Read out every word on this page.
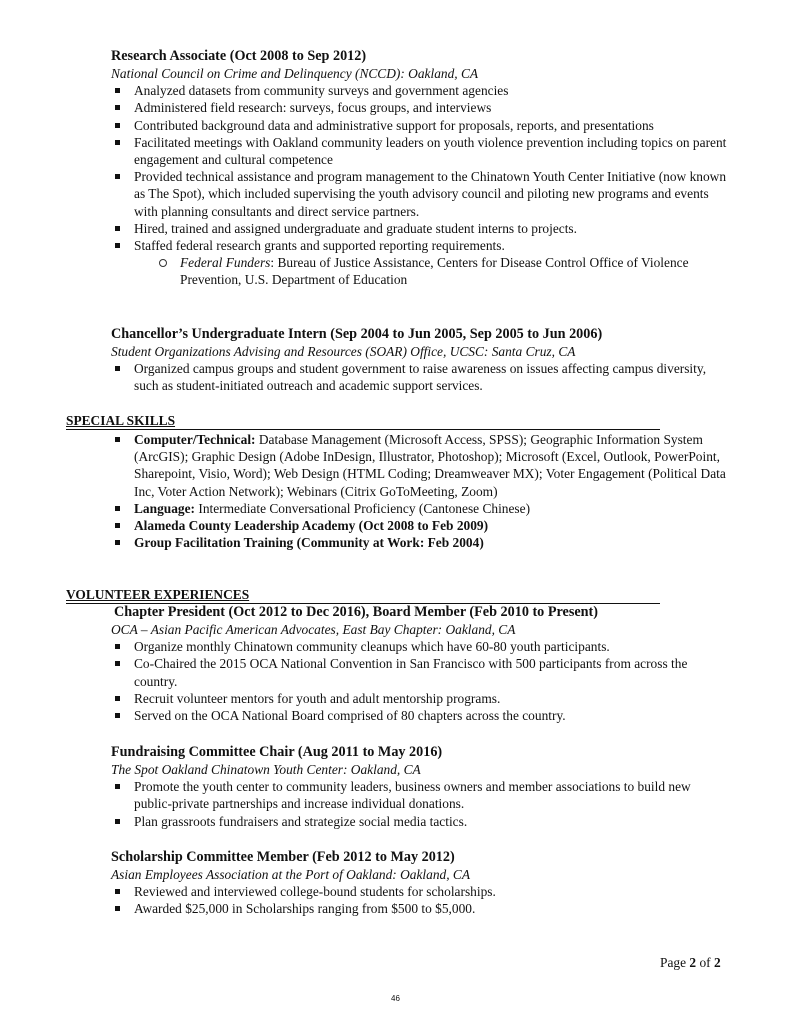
Research Associate (Oct 2008 to Sep 2012)
National Council on Crime and Delinquency (NCCD): Oakland, CA
Analyzed datasets from community surveys and government agencies
Administered field research: surveys, focus groups, and interviews
Contributed background data and administrative support for proposals, reports, and presentations
Facilitated meetings with Oakland community leaders on youth violence prevention including topics on parent engagement and cultural competence
Provided technical assistance and program management to the Chinatown Youth Center Initiative (now known as The Spot), which included supervising the youth advisory council and piloting new programs and events with planning consultants and direct service partners.
Hired, trained and assigned undergraduate and graduate student interns to projects.
Staffed federal research grants and supported reporting requirements.
Federal Funders: Bureau of Justice Assistance, Centers for Disease Control Office of Violence Prevention, U.S. Department of Education
Chancellor’s Undergraduate Intern (Sep 2004 to Jun 2005, Sep 2005 to Jun 2006)
Student Organizations Advising and Resources (SOAR) Office, UCSC: Santa Cruz, CA
Organized campus groups and student government to raise awareness on issues affecting campus diversity, such as student-initiated outreach and academic support services.
SPECIAL SKILLS
Computer/Technical: Database Management (Microsoft Access, SPSS); Geographic Information System (ArcGIS); Graphic Design (Adobe InDesign, Illustrator, Photoshop); Microsoft (Excel, Outlook, PowerPoint, Sharepoint, Visio, Word); Web Design (HTML Coding; Dreamweaver MX); Voter Engagement (Political Data Inc, Voter Action Network); Webinars (Citrix GoToMeeting, Zoom)
Language: Intermediate Conversational Proficiency (Cantonese Chinese)
Alameda County Leadership Academy (Oct 2008 to Feb 2009)
Group Facilitation Training (Community at Work: Feb 2004)
VOLUNTEER EXPERIENCES
Chapter President (Oct 2012 to Dec 2016), Board Member (Feb 2010 to Present)
OCA – Asian Pacific American Advocates, East Bay Chapter: Oakland, CA
Organize monthly Chinatown community cleanups which have 60-80 youth participants.
Co-Chaired the 2015 OCA National Convention in San Francisco with 500 participants from across the country.
Recruit volunteer mentors for youth and adult mentorship programs.
Served on the OCA National Board comprised of 80 chapters across the country.
Fundraising Committee Chair (Aug 2011 to May 2016)
The Spot Oakland Chinatown Youth Center: Oakland, CA
Promote the youth center to community leaders, business owners and member associations to build new public-private partnerships and increase individual donations.
Plan grassroots fundraisers and strategize social media tactics.
Scholarship Committee Member (Feb 2012 to May 2012)
Asian Employees Association at the Port of Oakland: Oakland, CA
Reviewed and interviewed college-bound students for scholarships.
Awarded $25,000 in Scholarships ranging from $500 to $5,000.
Page 2 of 2
46
